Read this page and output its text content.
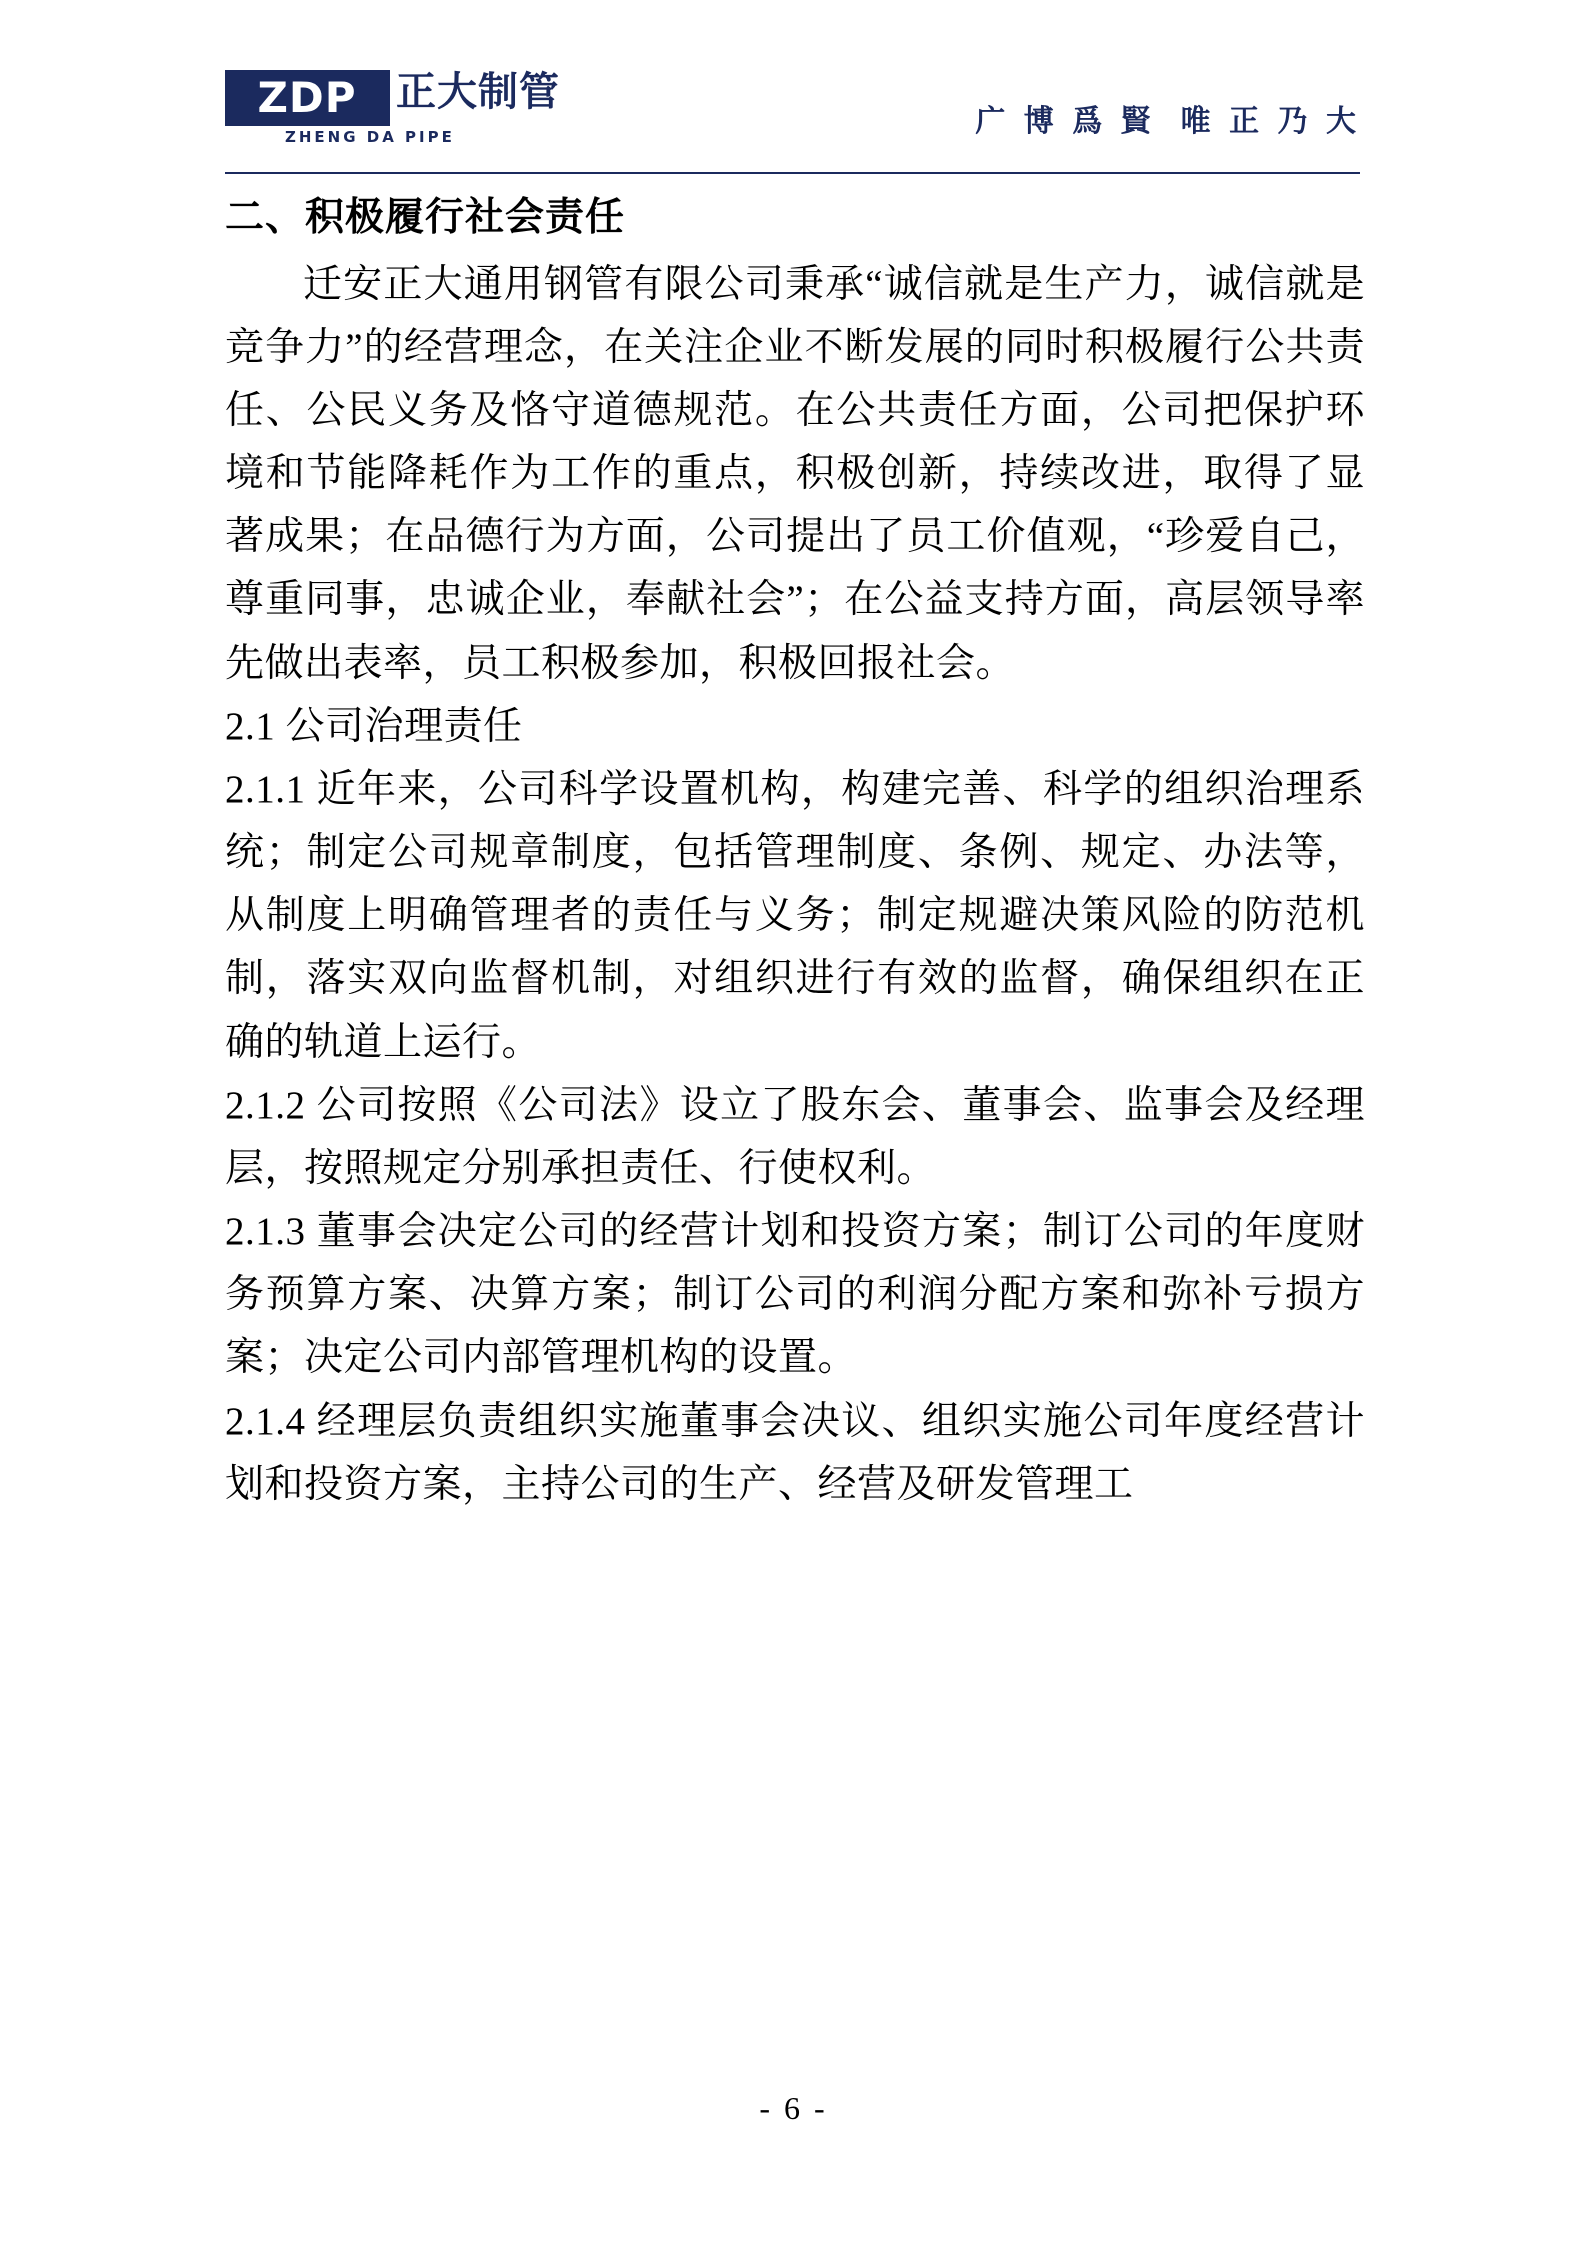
ZDP 正大制管
ZHENG DA PIPE	广 博 爲 賢 唯 正 乃 大
二、积极履行社会责任

迁安正大通用钢管有限公司秉承“诚信就是生产力，诚信就是竞争力”的经营理念，在关注企业不断发展的同时积极履行公共责任、公民义务及恪守道德规范。在公共责任方面，公司把保护环境和节能降耗作为工作的重点，积极创新，持续改进，取得了显著成果；在品德行为方面，公司提出了员工价值观，“珍爱自己，尊重同事，忠诚企业，奉献社会”；在公益支持方面，高层领导率先做出表率，员工积极参加，积极回报社会。

2.1 公司治理责任

2.1.1 近年来，公司科学设置机构，构建完善、科学的组织治理系统；制定公司规章制度，包括管理制度、条例、规定、办法等，从制度上明确管理者的责任与义务；制定规避决策风险的防范机制，落实双向监督机制，对组织进行有效的监督，确保组织在正确的轨道上运行。

2.1.2 公司按照《公司法》设立了股东会、董事会、监事会及经理层，按照规定分别承担责任、行使权利。

2.1.3 董事会决定公司的经营计划和投资方案；制订公司的年度财务预算方案、决算方案；制订公司的利润分配方案和弥补亏损方案；决定公司内部管理机构的设置。

2.1.4 经理层负责组织实施董事会决议、组织实施公司年度经营计划和投资方案，主持公司的生产、经营及研发管理工

- 6 -
